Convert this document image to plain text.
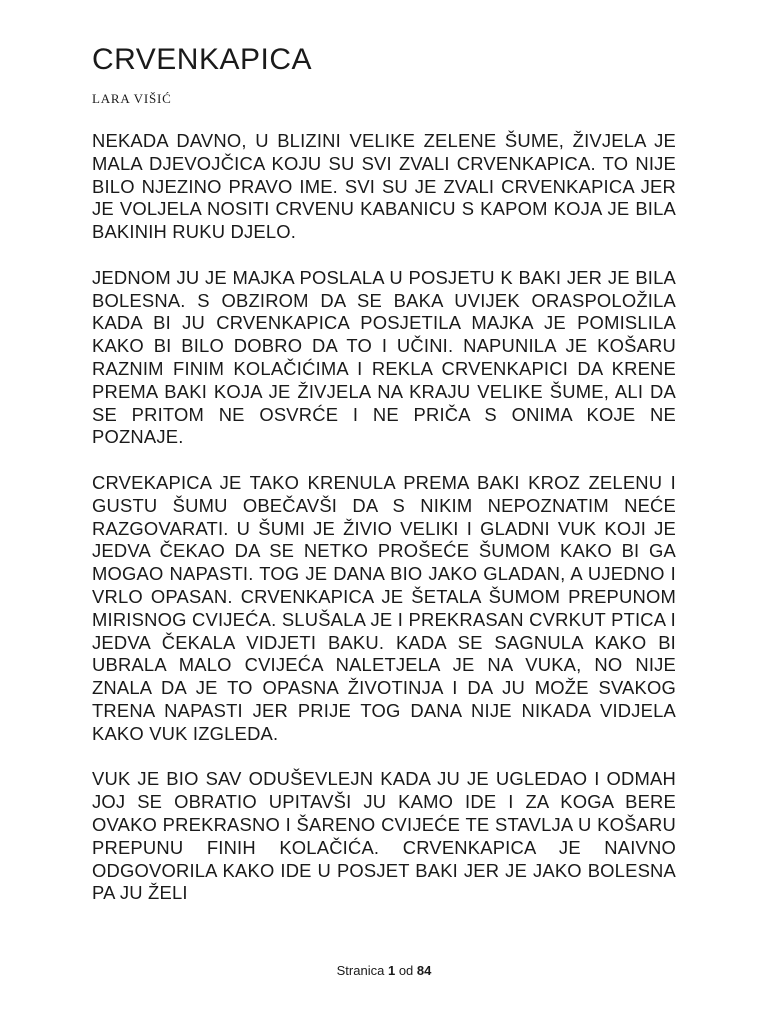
CRVENKAPICA
LARA VIŠIĆ

NEKADA DAVNO, U BLIZINI VELIKE ZELENE ŠUME, ŽIVJELA JE MALA DJEVOJČICA KOJU SU SVI ZVALI CRVENKAPICA. TO NIJE BILO NJEZINO PRAVO IME. SVI SU JE ZVALI CRVENKAPICA JER JE VOLJELA NOSITI CRVENU KABANICU S KAPOM KOJA JE BILA BAKINIH RUKU DJELO.

JEDNOM JU JE MAJKA POSLALA U POSJETU K BAKI JER JE BILA BOLESNA. S OBZIROM DA SE BAKA UVIJEK ORASPOLOŽILA KADA BI JU CRVENKAPICA POSJETILA MAJKA JE POMISLILA KAKO BI BILO DOBRO DA TO I UČINI. NAPUNILA JE KOŠARU RAZNIM FINIM KOLAČIĆIMA I REKLA CRVENKAPICI DA KRENE PREMA BAKI KOJA JE ŽIVJELA NA KRAJU VELIKE ŠUME, ALI DA SE PRITOM NE OSVRĆE I NE PRIČA S ONIMA KOJE NE POZNAJE.

CRVEKAPICA JE TAKO KRENULA PREMA BAKI KROZ ZELENU I GUSTU ŠUMU OBEČAVŠI DA S NIKIM NEPOZNATIM NEĆE RAZGOVARATI. U ŠUMI JE ŽIVIO VELIKI I GLADNI VUK KOJI JE JEDVA ČEKAO DA SE NETKO PROŠEĆE ŠUMOM KAKO BI GA MOGAO NAPASTI. TOG JE DANA BIO JAKO GLADAN, A UJEDNO I VRLO OPASAN. CRVENKAPICA JE ŠETALA ŠUMOM PREPUNOM MIRISNOG CVIJEĆA. SLUŠALA JE I PREKRASAN CVRKUT PTICA I JEDVA ČEKALA VIDJETI BAKU. KADA SE SAGNULA KAKO BI UBRALA MALO CVIJEĆA NALETJELA JE NA VUKA, NO NIJE ZNALA DA JE TO OPASNA ŽIVOTINJA I DA JU MOŽE SVAKOG TRENA NAPASTI JER PRIJE TOG DANA NIJE NIKADA VIDJELA KAKO VUK IZGLEDA.

VUK JE BIO SAV ODUŠEVLEJN KADA JU JE UGLEDAO I ODMAH JOJ SE OBRATIO UPITAVŠI JU KAMO IDE I ZA KOGA BERE OVAKO PREKRASNO I ŠARENO CVIJEĆE TE STAVLJA U KOŠARU PREPUNU FINIH KOLAČIĆA. CRVENKAPICA JE NAIVNO ODGOVORILA KAKO IDE U POSJET BAKI JER JE JAKO BOLESNA PA JU ŽELI

Stranica 1 od 84
